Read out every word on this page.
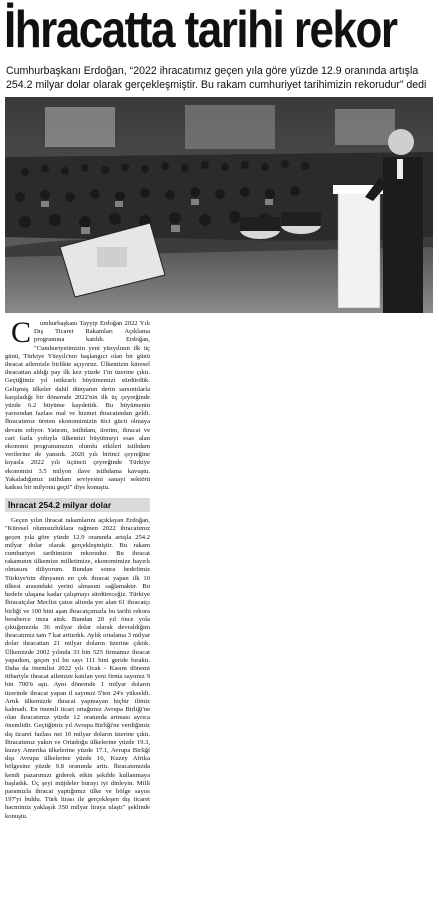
İhracatta tarihi rekor
Cumhurbaşkanı Erdoğan, “2022 ihracatımız geçen yıla göre yüzde 12.9 oranında artışla
254.2 milyar dolar olarak gerçekleşmiştir. Bu rakam cumhuriyet tarihimizin rekorudur” dedi

C umhurbaşkanı Tayyip Erdoğan 2022 Yılı Dış Ticaret Rakamları Açıklama programına katıldı. Erdoğan, "Cumhuriyetimizin yeni yüzyılının ilk üç günü, Türkiye Yüzyılı'nın başlangıcı olan bir günü ihracat ailemizle birlikte açıyoruz. Ülkemizin küresel ihracattan aldığı pay ilk kez yüzde 1'in üzerine çıktı. Geçtiğimiz yıl istikrarlı büyümemizi sürdürdük. Gelişmiş ülkeler dahil dünyanın derin sarsıntılarla karşıladığı bir dönemde 2022'nin ilk üç çeyreğinde yüzde 6.2 büyüme kaydettik. Bu büyümenin yarısından fazlası mal ve hizmet ihracatından geldi. İhracatımız üreten ekonomimizin itici gücü olmaya devam ediyor. Yatırım, istihdam, üretim, ihracat ve cari fazla yoluyla ülkemizi büyütmeyi esas alan ekonomi programımızın olumlu etkileri istihdam verilerine de yansıdı. 2020 yılı birinci çeyreğine kıyasla 2022 yılı üçüncü çeyreğinde Türkiye ekonomisi 3.5 milyon ilave istihdama kavuştu. Yakaladığımız istihdam seviyesini sanayi sektörü katkısı bir milyonu geçti" diye konuştu.

İhracat 254.2 milyar dolar

Geçen yılın ihracat rakamlarını açıklayan Erdoğan, "Küresel olumsuzluklara rağmen 2022 ihracatımız geçen yıla göre yüzde 12.9 oranında artışla 254.2 milyar dolar olarak gerçekleşmiştir. Bu rakam cumhuriyet tarihimizin rekorudur. Bu ihracat rakamının ülkemize milletimize, ekonomimize hayırlı olmasını diliyorum. Bundan sonra hedefimiz Türkiye'nin dünyanın en çok ihracat yapan ilk 10 ülkesi arasındaki yerini almasını sağlamaktır. Bu hedefe ulaşana kadar çalışmayı sürdüreceğiz. Türkiye İhracatçılar Meclisi çatısı altında yer alan 61 ihracatçı birliği ve 100 bini aşan ihracatçımızla bu tarihi rekora beraberce imza attık. Bundan 20 yıl önce yola çıktığımızda 36 milyar dolar olarak devraldığım ihracatımız tam 7 kat arttırdık. Aylık ortalama 3 milyar dolar ihracattan 21 milyar doların üzerine çıktık. Ülkemizde 2002 yılında 33 bin 525 firmamız ihracat yaparken, geçen yıl bu sayı 111 bini geride bıraktı. Daha da önemlisi 2022 yılı Ocak - Kasım dönemi itibariyle ihracat ailemize katılan yeni firma sayımız 9 bin 700'ü aştı. Aynı dönemde 1 milyar doların üzerinde ihracat yapan il sayımız 5'ten 24'e yükseldi. Artık ülkemizde ihracat yapmayan hiçbir ilimiz kalmadı. En önemli ticari ortağımız Avrupa Birliği'ne olan ihracatımız yüzde 12 oranında artması ayrıca önemlidir. Geçtiğimiz yıl Avrupa Birliği'ne verdiğimiz dış ticaret fazlası net 10 milyar doların üzerine çıktı. İhracatımız yakın ve Ortadoğu ülkelerine yüzde 19.3, kuzey Amerika ülkelerine yüzde 17.1, Avrupa Birliği dışı Avrupa ülkelerine yüzde 16, Kuzey Afrika bölgesine yüzde 9.8 oranında arttı. İhracatımızda kendi pazarımızı giderek etkin şekilde kullanmaya başladık. Üç şeyi müjdeler burayı iyi dinleyin. Milli paramızla ihracat yaptığımız ülke ve bölge sayısı 197'yi buldu. Türk lirası ile gerçekleşen dış ticaret hacmimiz yaklaşık 350 milyar liraya ulaştı" şeklinde konuştu.
